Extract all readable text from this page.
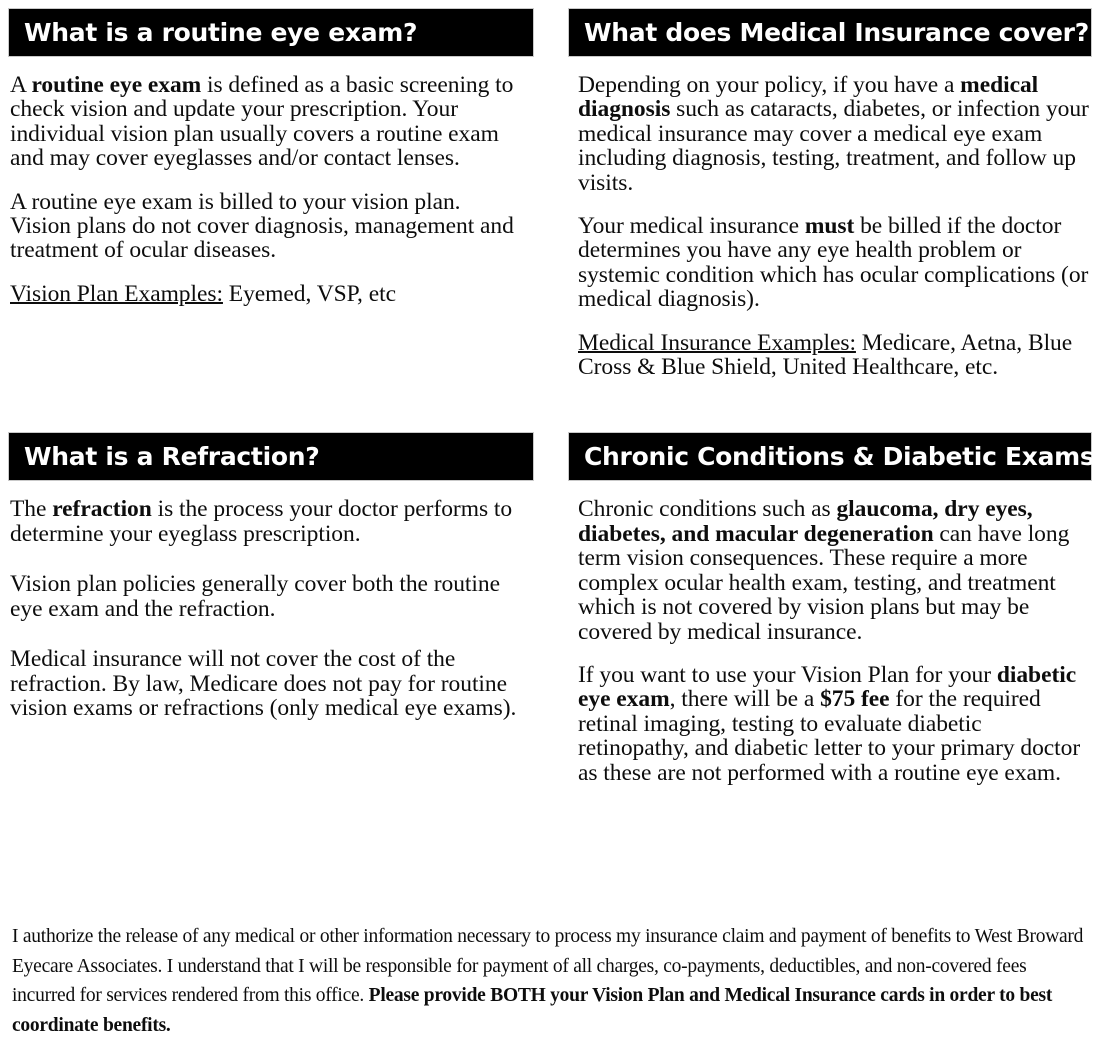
What is a routine eye exam?

A routine eye exam is defined as a basic screening to check vision and update your prescription. Your individual vision plan usually covers a routine exam and may cover eyeglasses and/or contact lenses.

A routine eye exam is billed to your vision plan. Vision plans do not cover diagnosis, management and treatment of ocular diseases.

Vision Plan Examples: Eyemed, VSP, etc

What does Medical Insurance cover?

Depending on your policy, if you have a medical diagnosis such as cataracts, diabetes, or infection your medical insurance may cover a medical eye exam including diagnosis, testing, treatment, and follow up visits.

Your medical insurance must be billed if the doctor determines you have any eye health problem or systemic condition which has ocular complications (or medical diagnosis).

Medical Insurance Examples: Medicare, Aetna, Blue Cross & Blue Shield, United Healthcare, etc.

What is a Refraction?

The refraction is the process your doctor performs to determine your eyeglass prescription.

Vision plan policies generally cover both the routine eye exam and the refraction.

Medical insurance will not cover the cost of the refraction. By law, Medicare does not pay for routine vision exams or refractions (only medical eye exams).

Chronic Conditions & Diabetic Exams

Chronic conditions such as glaucoma, dry eyes, diabetes, and macular degeneration can have long term vision consequences. These require a more complex ocular health exam, testing, and treatment which is not covered by vision plans but may be covered by medical insurance.

If you want to use your Vision Plan for your diabetic eye exam, there will be a $75 fee for the required retinal imaging, testing to evaluate diabetic retinopathy, and diabetic letter to your primary doctor as these are not performed with a routine eye exam.

I authorize the release of any medical or other information necessary to process my insurance claim and payment of benefits to West Broward Eyecare Associates. I understand that I will be responsible for payment of all charges, co-payments, deductibles, and non-covered fees incurred for services rendered from this office. Please provide BOTH your Vision Plan and Medical Insurance cards in order to best coordinate benefits.
